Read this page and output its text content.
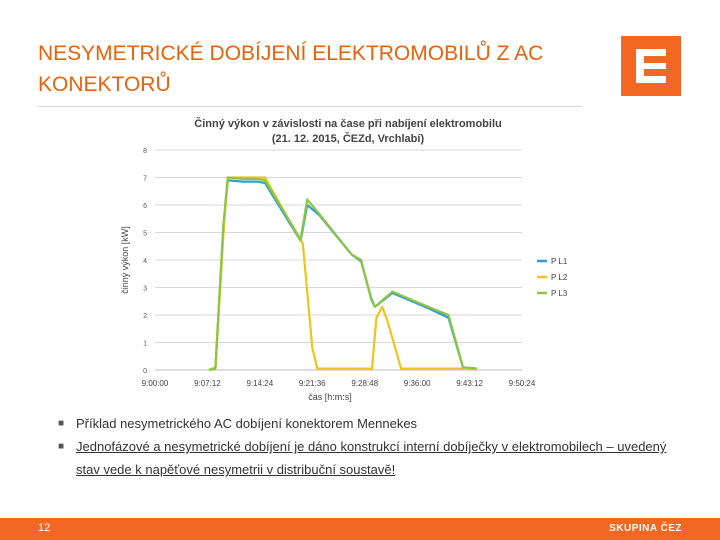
NESYMETRICKÉ DOBÍJENÍ ELEKTROMOBILŮ Z AC KONEKTORŮ
Činný výkon v závislosti na čase při nabíjení elektromobilu
(21. 12. 2015, ČEZd, Vrchlabí)
činný výkon [kW]
čas [h:m:s]
9:00:00	9:07:12	9:14:24	9:21:36	9:28:48	9:36:00	9:43:12	9:50:24
0
1
2
3
4
5
6
7
8
P L1
P L2
P L3
■ Příklad nesymetrického AC dobíjení konektorem Mennekes
■ Jednofázové a nesymetrické dobíjení je dáno konstrukcí interní dobíječky v elektromobilech – uvedený stav vede k napěťové nesymetrii v distribuční soustavě!
12	SKUPINA ČEZ
